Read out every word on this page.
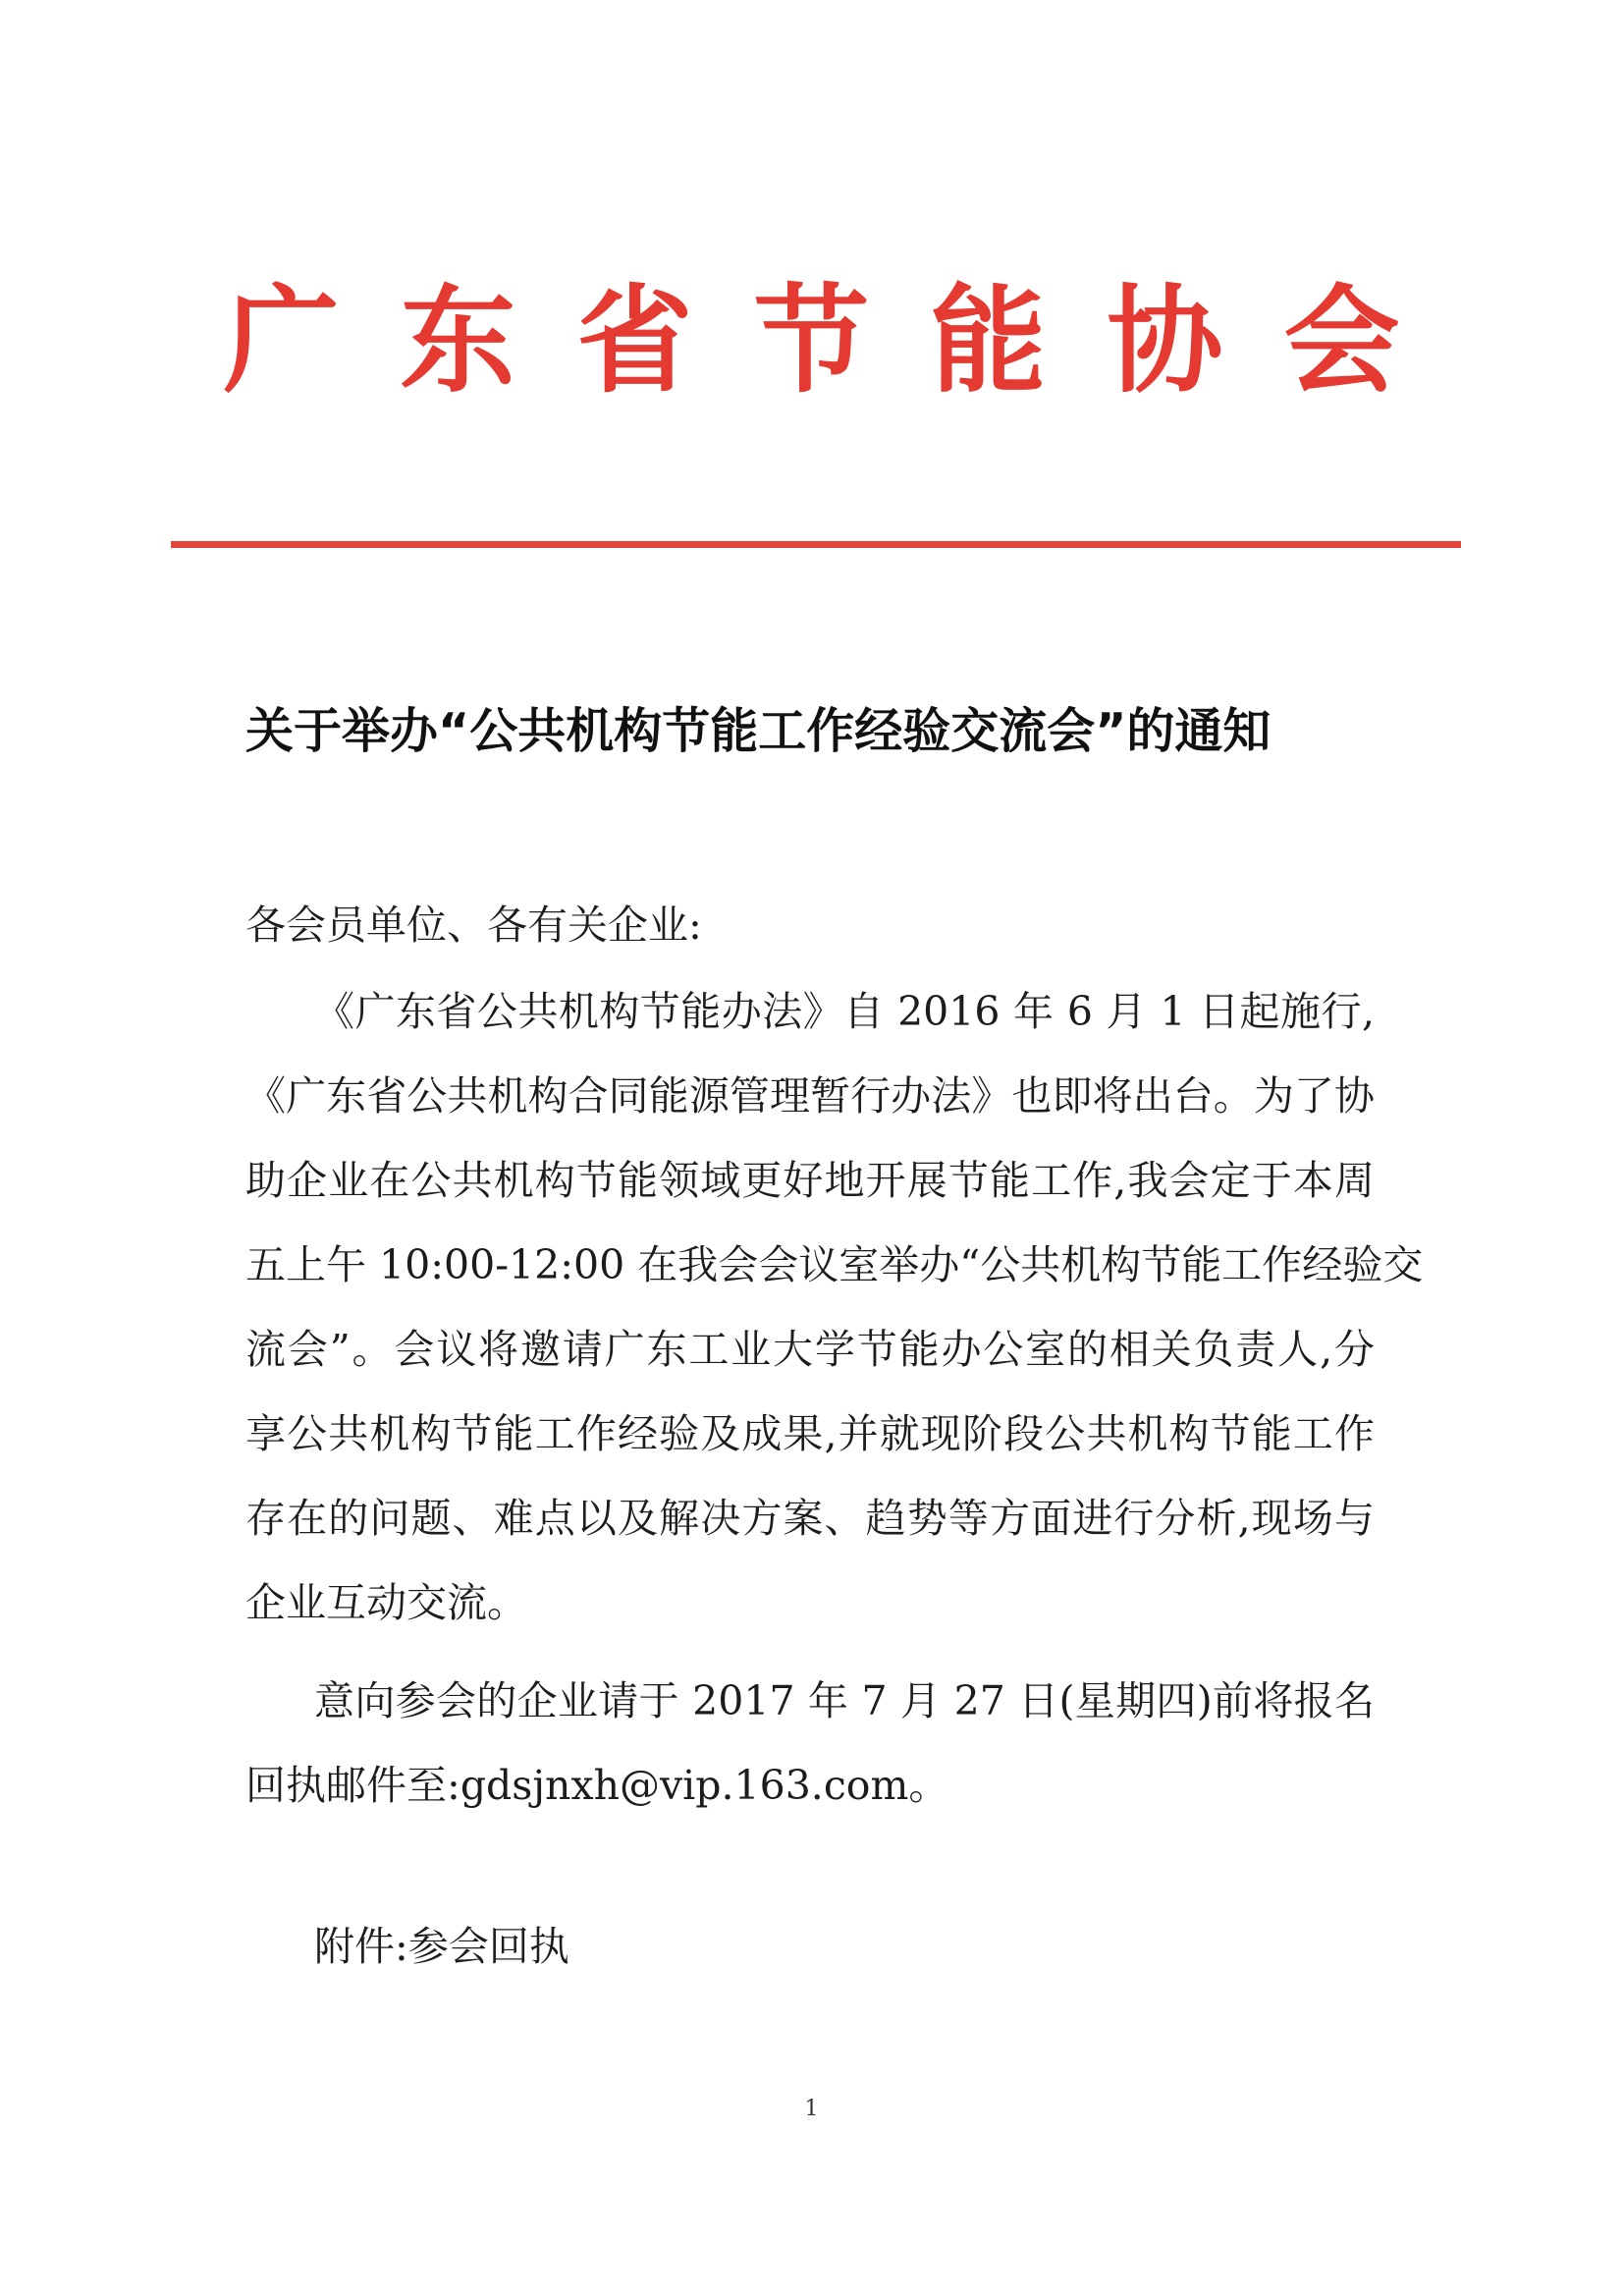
广东省节能协会
关于举办“公共机构节能工作经验交流会”的通知
各会员单位、各有关企业:
《广东省公共机构节能办法》自 2016 年 6 月 1 日起施行,
《广东省公共机构合同能源管理暂行办法》也即将出台。为了协
助企业在公共机构节能领域更好地开展节能工作,我会定于本周
五上午 10:00-12:00 在我会会议室举办“公共机构节能工作经验交
流会”。会议将邀请广东工业大学节能办公室的相关负责人,分
享公共机构节能工作经验及成果,并就现阶段公共机构节能工作
存在的问题、难点以及解决方案、趋势等方面进行分析,现场与
企业互动交流。
意向参会的企业请于 2017 年 7 月 27 日(星期四)前将报名
回执邮件至:gdsjnxh@vip.163.com。
附件:参会回执
1
